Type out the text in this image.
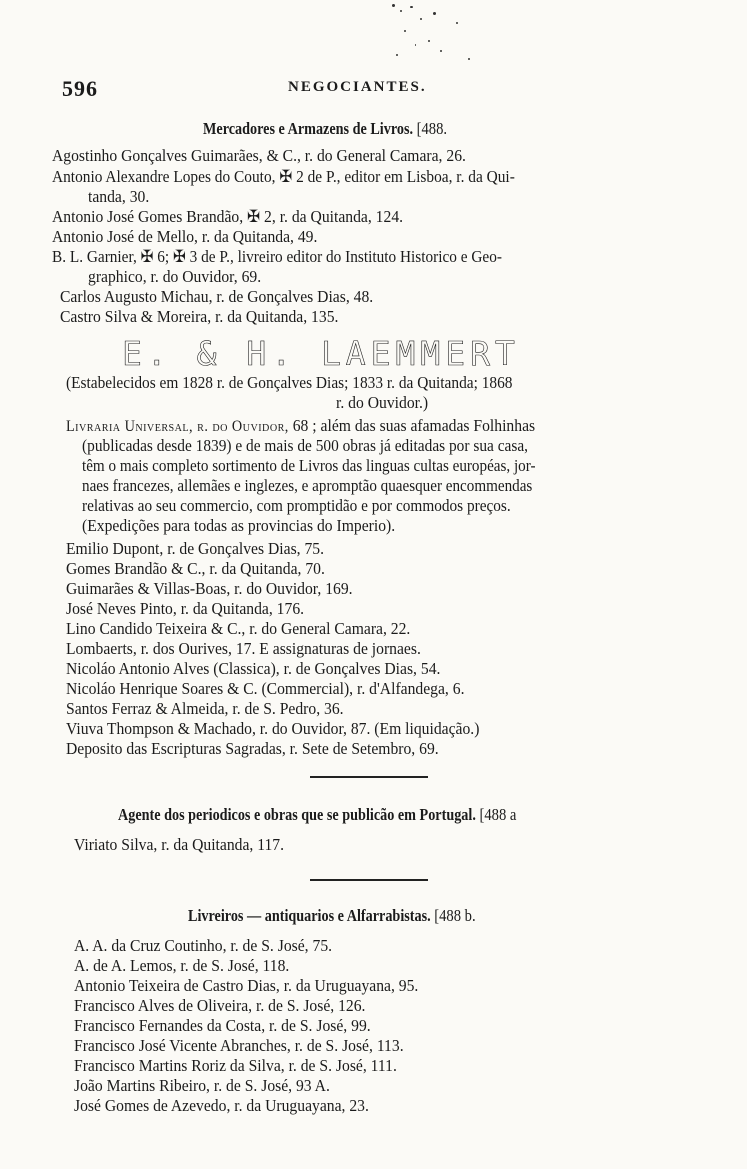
596	NEGOCIANTES.
Mercadores e Armazens de Livros. [488.
Agostinho Gonçalves Guimarães, & C., r. do General Camara, 26.
Antonio Alexandre Lopes do Couto, ✠ 2 de P., editor em Lisboa, r. da Qui-
tanda, 30.
Antonio José Gomes Brandão, ✠ 2, r. da Quitanda, 124.
Antonio José de Mello, r. da Quitanda, 49.
B. L. Garnier, ✠ 6; ✠ 3 de P., livreiro editor do Instituto Historico e Geo-
graphico, r. do Ouvidor, 69.
Carlos Augusto Michau, r. de Gonçalves Dias, 48.
Castro Silva & Moreira, r. da Quitanda, 135.
E. & H. LAEMMERT
(Estabelecidos em 1828 r. de Gonçalves Dias; 1833 r. da Quitanda; 1868
r. do Ouvidor.)
Livraria Universal, r. do Ouvidor, 68 ; além das suas afamadas Folhinhas
(publicadas desde 1839) e de mais de 500 obras já editadas por sua casa,
têm o mais completo sortimento de Livros das linguas cultas européas, jor-
naes francezes, allemães e inglezes, e apromptão quaesquer encommendas
relativas ao seu commercio, com promptidão e por commodos preços.
(Expedições para todas as provincias do Imperio).
Emilio Dupont, r. de Gonçalves Dias, 75.
Gomes Brandão & C., r. da Quitanda, 70.
Guimarães & Villas-Boas, r. do Ouvidor, 169.
José Neves Pinto, r. da Quitanda, 176.
Lino Candido Teixeira & C., r. do General Camara, 22.
Lombaerts, r. dos Ourives, 17. E assignaturas de jornaes.
Nicoláo Antonio Alves (Classica), r. de Gonçalves Dias, 54.
Nicoláo Henrique Soares & C. (Commercial), r. d'Alfandega, 6.
Santos Ferraz & Almeida, r. de S. Pedro, 36.
Viuva Thompson & Machado, r. do Ouvidor, 87. (Em liquidação.)
Deposito das Escripturas Sagradas, r. Sete de Setembro, 69.
Agente dos periodicos e obras que se publicão em Portugal. [488 a
Viriato Silva, r. da Quitanda, 117.
Livreiros — antiquarios e Alfarrabistas. [488 b.
A. A. da Cruz Coutinho, r. de S. José, 75.
A. de A. Lemos, r. de S. José, 118.
Antonio Teixeira de Castro Dias, r. da Uruguayana, 95.
Francisco Alves de Oliveira, r. de S. José, 126.
Francisco Fernandes da Costa, r. de S. José, 99.
Francisco José Vicente Abranches, r. de S. José, 113.
Francisco Martins Roriz da Silva, r. de S. José, 111.
João Martins Ribeiro, r. de S. José, 93 A.
José Gomes de Azevedo, r. da Uruguayana, 23.
